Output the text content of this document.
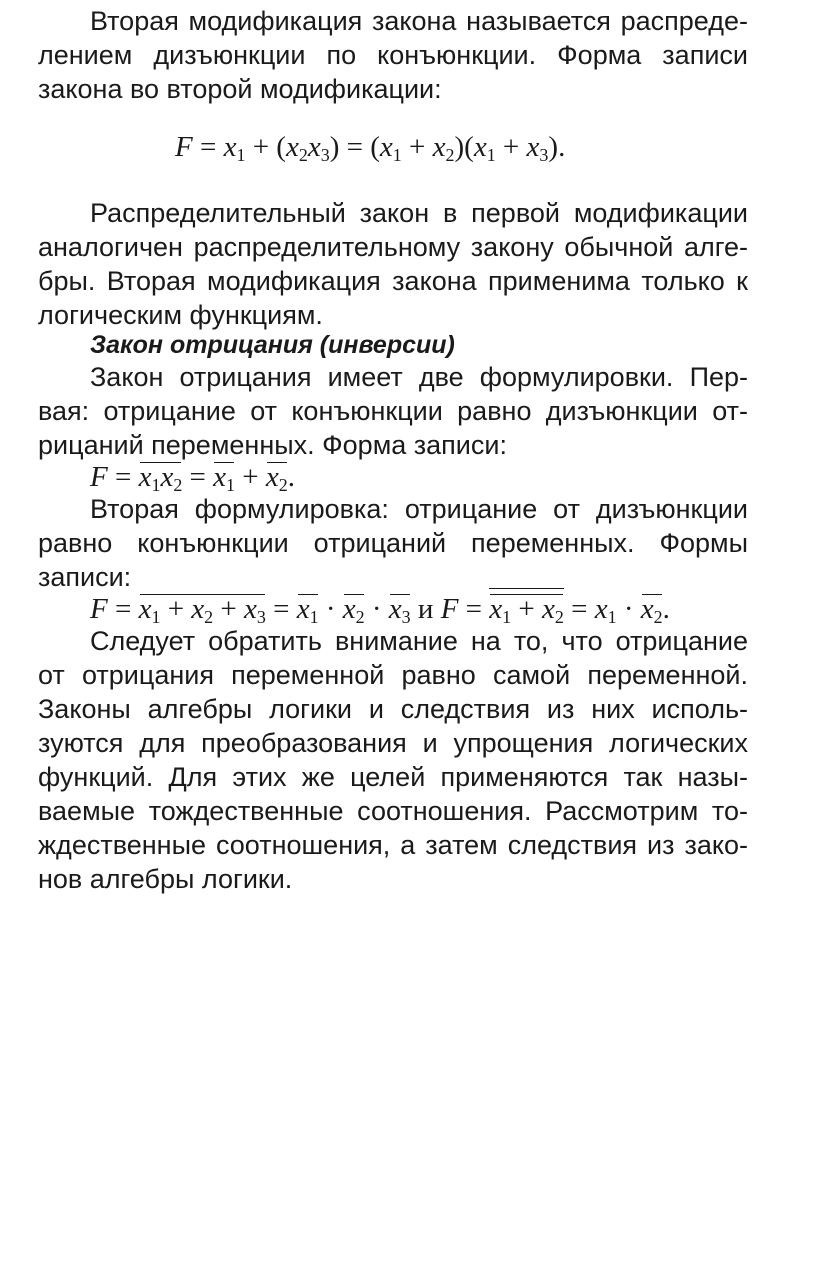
Вторая модификация закона называется распреде-
лением дизъюнкции по конъюнкции. Форма записи
закона во второй модификации:
$F = x_1 + (x_2x_3) = (x_1 + x_2)(x_1 + x_3)$.
Распределительный закон в первой модификации
аналогичен распределительному закону обычной алге-
бры. Вторая модификация закона применима только к
логическим функциям.
Закон отрицания (инверсии)
Закон отрицания имеет две формулировки. Пер-
вая: отрицание от конъюнкции равно дизъюнкции от-
рицаний переменных. Форма записи:
$F = x_1x_2 = x_1 + x_2$.
Вторая формулировка: отрицание от дизъюнкции
равно конъюнкции отрицаний переменных. Формы
записи:
$F = x_1 + x_2 + x_3 = x_1 \cdot x_2 \cdot x_3$ и $F = x_1 + x_2 = x_1 \cdot x_2$.
Следует обратить внимание на то, что отрицание
от отрицания переменной равно самой переменной.
Законы алгебры логики и следствия из них исполь-
зуются для преобразования и упрощения логических
функций. Для этих же целей применяются так назы-
ваемые тождественные соотношения. Рассмотрим то-
ждественные соотношения, а затем следствия из зако-
нов алгебры логики.
